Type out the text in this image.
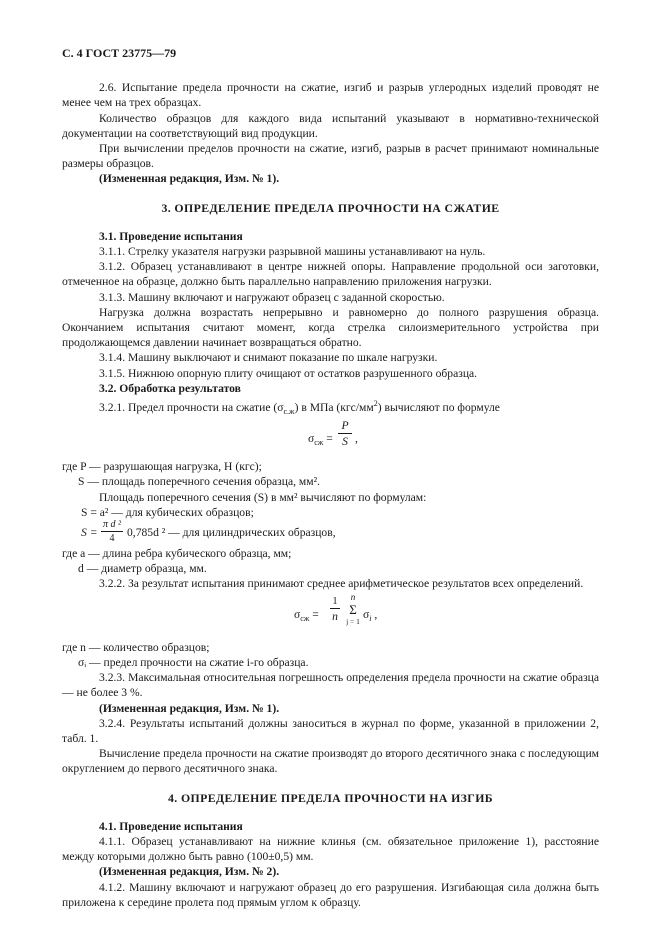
С. 4 ГОСТ 23775—79

2.6. Испытание предела прочности на сжатие, изгиб и разрыв углеродных изделий проводят не менее чем на трех образцах.

Количество образцов для каждого вида испытаний указывают в нормативно-технической документации на соответствующий вид продукции.

При вычислении пределов прочности на сжатие, изгиб, разрыв в расчет принимают номинальные размеры образцов.

(Измененная редакция, Изм. № 1).

3. ОПРЕДЕЛЕНИЕ ПРЕДЕЛА ПРОЧНОСТИ НА СЖАТИЕ

3.1. Проведение испытания

3.1.1. Стрелку указателя нагрузки разрывной машины устанавливают на нуль.

3.1.2. Образец устанавливают в центре нижней опоры. Направление продольной оси заготовки, отмеченное на образце, должно быть параллельно направлению приложения нагрузки.

3.1.3. Машину включают и нагружают образец с заданной скоростью.

Нагрузка должна возрастать непрерывно и равномерно до полного разрушения образца. Окончанием испытания считают момент, когда стрелка силоизмерительного устройства при продолжающемся давлении начинает возвращаться обратно.

3.1.4. Машину выключают и снимают показание по шкале нагрузки.

3.1.5. Нижнюю опорную плиту очищают от остатков разрушенного образца.

3.2. Обработка результатов

3.2.1. Предел прочности на сжатие $(\sigma_{с.ж})$ в МПа $(кгс/мм^2)$ вычисляют по формуле

$\sigma_{сж} = \frac{P}{S}$ ,

где P — разрушающая нагрузка, Н (кгс);

S — площадь поперечного сечения образца, мм².

Площадь поперечного сечения (S) в мм² вычисляют по формулам:

S = a² — для кубических образцов;

$S = \frac{\text{π d ²}}{4} 0,785d$ ² — для цилиндрических образцов,

где a — длина ребра кубического образца, мм;

d — диаметр образца, мм.

3.2.2. За результат испытания принимают среднее арифметическое результатов всех определений.

$\sigma_{сж} = \frac{1}{n}$	n
Σ
j = 1
$\sigma_i$ ,

где n — количество образцов;

σᵢ — предел прочности на сжатие i-го образца.

3.2.3. Максимальная относительная погрешность определения предела прочности на сжатие образца — не более 3 %.

(Измененная редакция, Изм. № 1).

3.2.4. Результаты испытаний должны заноситься в журнал по форме, указанной в приложении 2, табл. 1.

Вычисление предела прочности на сжатие производят до второго десятичного знака с последующим округлением до первого десятичного знака.

4. ОПРЕДЕЛЕНИЕ ПРЕДЕЛА ПРОЧНОСТИ НА ИЗГИБ

4.1. Проведение испытания

4.1.1. Образец устанавливают на нижние клинья (см. обязательное приложение 1), расстояние между которыми должно быть равно (100±0,5) мм.

(Измененная редакция, Изм. № 2).

4.1.2. Машину включают и нагружают образец до его разрушения. Изгибающая сила должна быть приложена к середине пролета под прямым углом к образцу.
